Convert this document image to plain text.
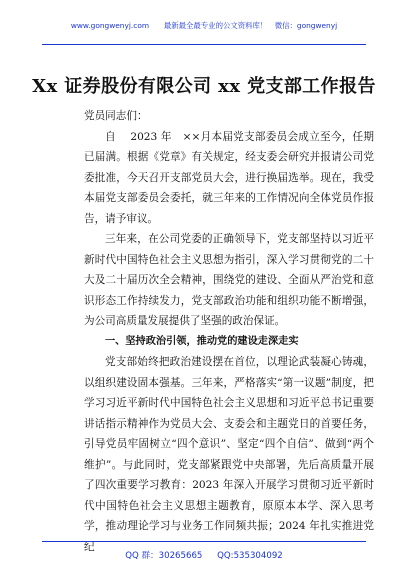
www.gongwenyj.com　　最新最全最专业的公文资料库！　微信：gongwenyj
Xx 证券股份有限公司 xx 党支部工作报告

党员同志们：

自　 2023 年　××月本届党支部委员会成立至今，任期已届满。根据《党章》有关规定，经支委会研究并报请公司党委批准，今天召开支部党员大会，进行换届选举。现在，我受本届党支部委员会委托，就三年来的工作情况向全体党员作报告，请予审议。

三年来，在公司党委的正确领导下，党支部坚持以习近平新时代中国特色社会主义思想为指引，深入学习贯彻党的二十大及二十届历次全会精神，围绕党的建设、全面从严治党和意识形态工作持续发力，党支部政治功能和组织功能不断增强，为公司高质量发展提供了坚强的政治保证。

一、坚持政治引领，推动党的建设走深走实

党支部始终把政治建设摆在首位，以理论武装凝心铸魂，以组织建设固本强基。三年来，严格落实“第一议题”制度，把学习习近平新时代中国特色社会主义思想和习近平总书记重要讲话指示精神作为党员大会、支委会和主题党日的首要任务，引导党员牢固树立“四个意识”、坚定“四个自信”、做到“两个维护”。与此同时，党支部紧跟党中央部署，先后高质量开展了四次重要学习教育：2023 年深入开展学习贯彻习近平新时代中国特色社会主义思想主题教育，原原本本学、深入思考学，推动理论学习与业务工作同频共振；2024 年扎实推进党纪

QQ 群：30265665 QQ:535304092
